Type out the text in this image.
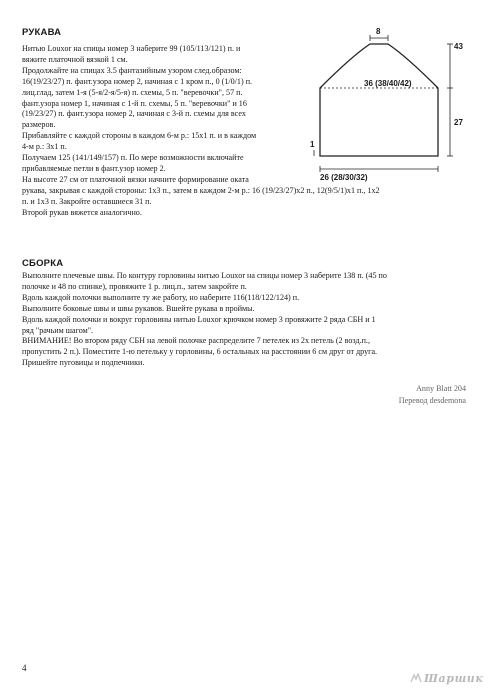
РУКАВА

Нитью Louxor на спицы номер 3 наберите 99 (105/113/121) п. и

вяжите платочной вязкой 1 см.

Продолжайте на спицах 3.5 фантазийным узором след.образом:

16(19/23/27) п. фант.узора номер 2, начиная с 1 кром п., 0 (1/0/1) п.

лиц.глад, затем 1-я (5-я/2-я/5-я) п. схемы, 5 п. "веревочки", 57 п.

фант.узора номер 1, начиная с 1-й п. схемы, 5 п. "веревочки" и 16

(19/23/27) п. фант.узора номер 2, начиная с 3-й п. схемы для всех

размеров.

Прибавляйте с каждой стороны в каждом 6-м р.: 15х1 п. и в каждом

4-м р.: 3х1 п.

Получаем 125 (141/149/157) п. По мере возможности включайте

прибавляемые петли в фант.узор номер 2.

На высоте 27 см от платочной вязки начните формирование оката

рукава, закрывая с каждой стороны: 1х3 п., затем в каждом 2-м р.: 16 (19/23/27)х2 п., 12(9/5/1)х1 п., 1х2

п. и 1х3 п. Закройте оставшиеся 31 п.

Второй рукав вяжется аналогично.

8
43
36 (38/40/42)
27
1
26 (28/30/32)
СБОРКА

Выполните плечевые швы. По контуру горловины нитью Louxor на спицы номер 3 наберите 138 п. (45 по

полочке и 48 по спинке), провяжите 1 р. лиц.п., затем закройте п.

Вдоль каждой полочки выполните ту же работу, но наберите 116(118/122/124) п.

Выполните боковые швы и швы рукавов. Вшейте рукава в проймы.

Вдоль каждой полочки и вокруг горловины нитью Louxor крючком номер 3 провяжите 2 ряда СБН и 1

ряд "рачьим шагом".

ВНИМАНИЕ! Во втором ряду СБН на левой полочке распределите 7 петелек из 2х петель (2 возд.п.,

пропустить 2 п.). Поместите 1-ю петельку у горловины, 6 остальных на расстоянии 6 см друг от друга.

Пришейте пуговицы и подпечники.

Anny Blatt 204
Перевод desdemona
4
Шаршик
